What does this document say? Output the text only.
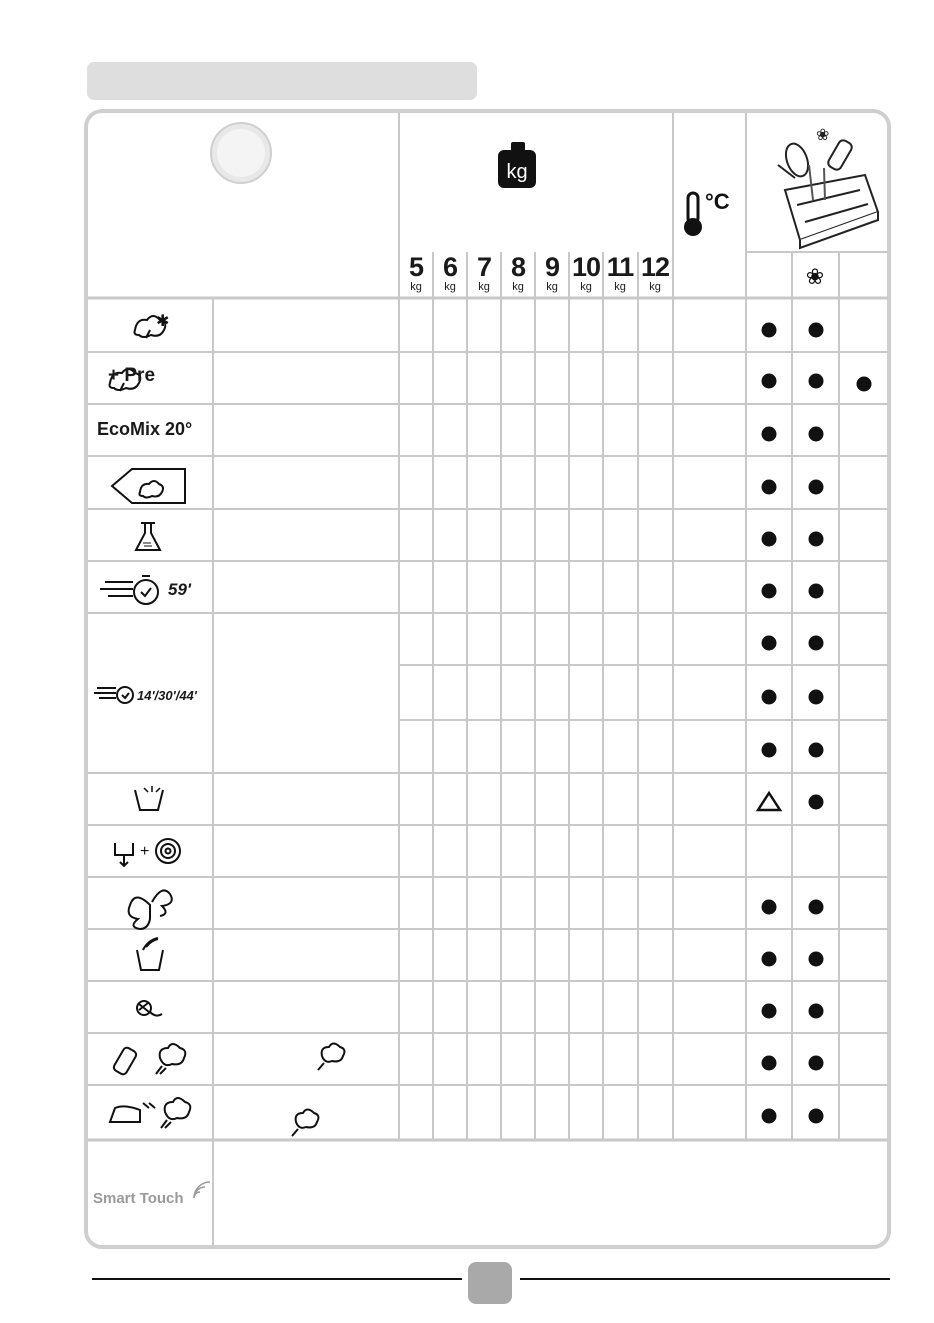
kg
°C
❀
❀
✱
+
5
kg
6
kg
7
kg
8
kg
9
kg
10
kg
11
kg
12
kg
+ Pre
EcoMix 20°
59'
14'/30'/44'
Smart Touch
